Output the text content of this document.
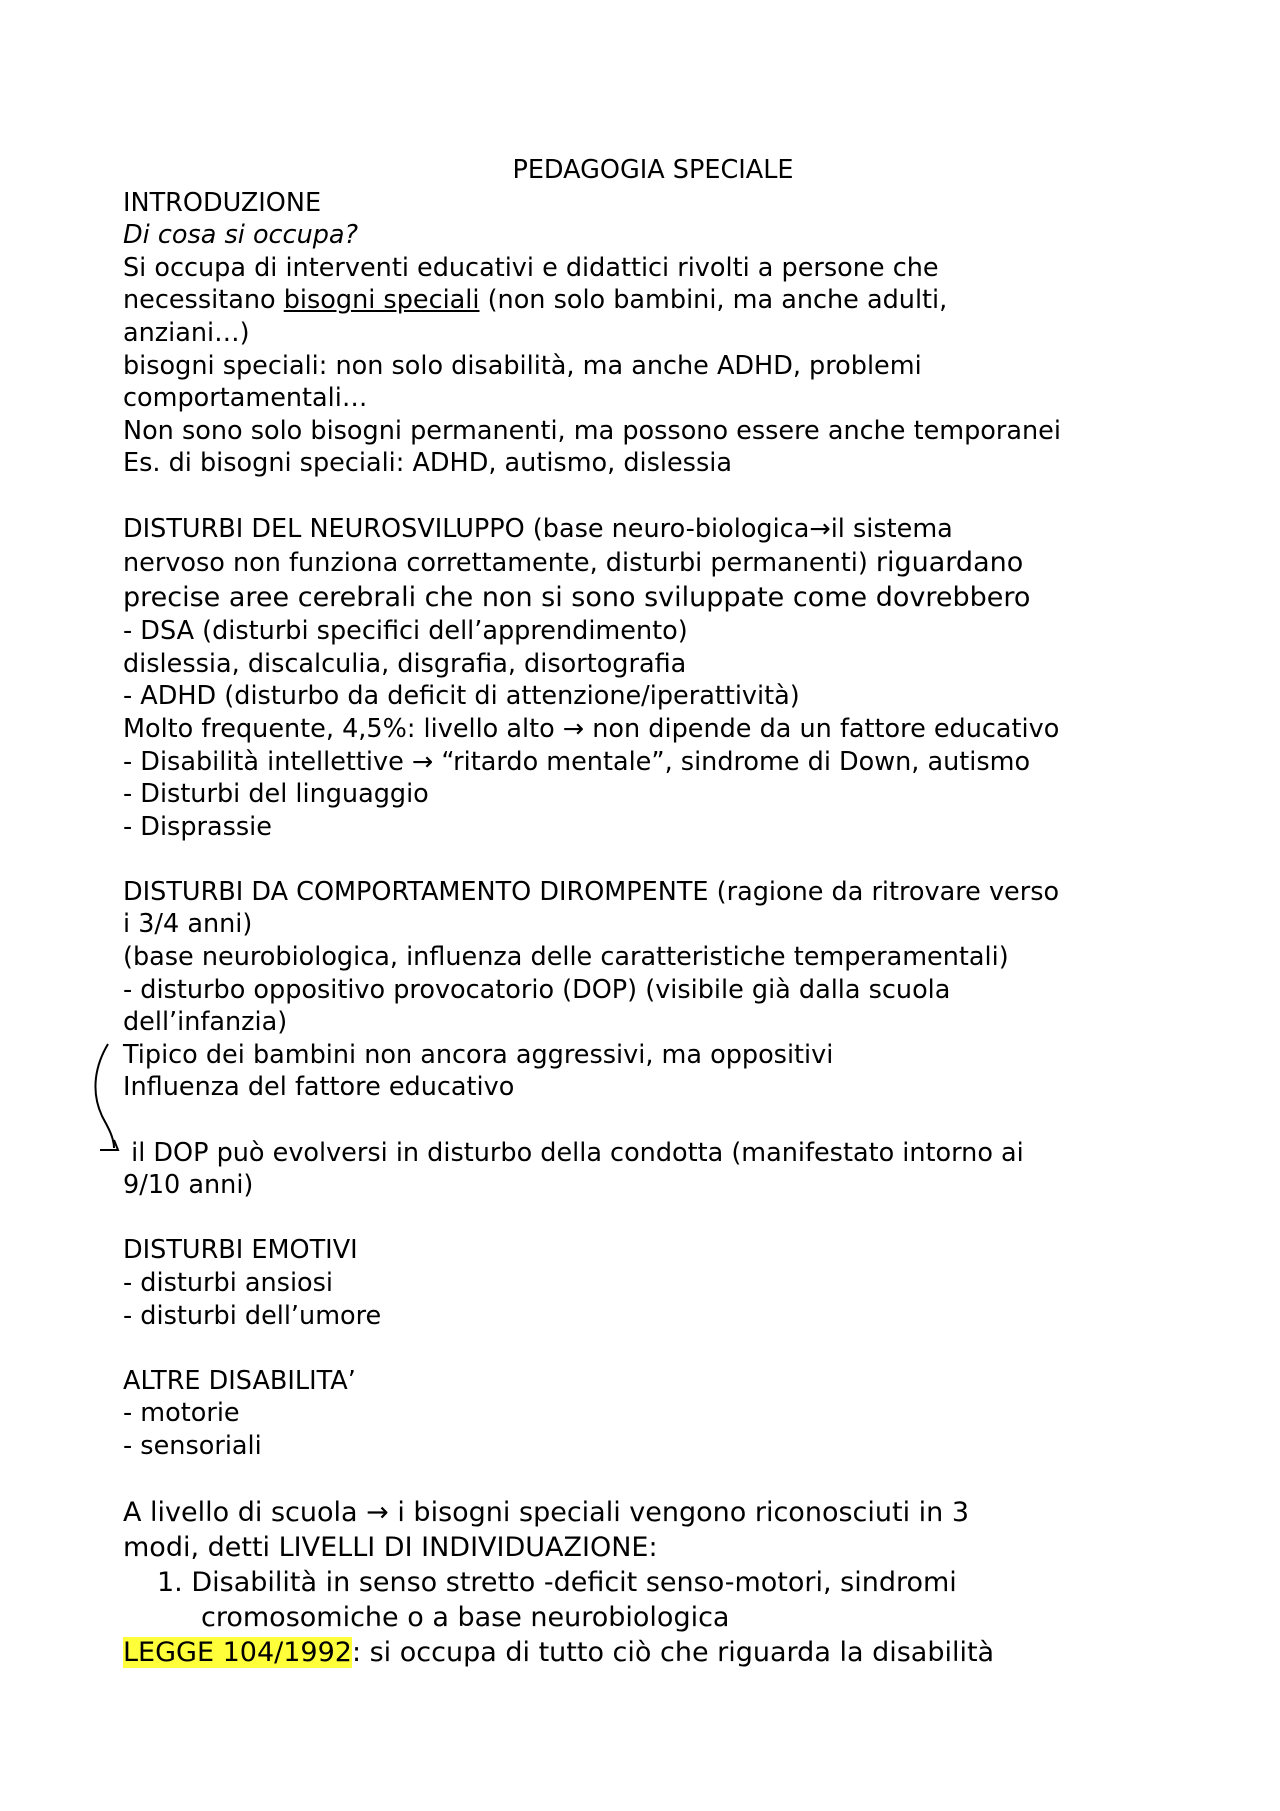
PEDAGOGIA SPECIALE
INTRODUZIONE
Di cosa si occupa?
Si occupa di interventi educativi e didattici rivolti a persone che
necessitano bisogni speciali (non solo bambini, ma anche adulti,
anziani…)
bisogni speciali: non solo disabilità, ma anche ADHD, problemi
comportamentali…
Non sono solo bisogni permanenti, ma possono essere anche temporanei
Es. di bisogni speciali: ADHD, autismo, dislessia
DISTURBI DEL NEUROSVILUPPO (base neuro-biologica→il sistema
nervoso non funziona correttamente, disturbi permanenti) riguardano
precise aree cerebrali che non si sono sviluppate come dovrebbero
- DSA (disturbi specifici dell’apprendimento)
dislessia, discalculia, disgrafia, disortografia
- ADHD (disturbo da deficit di attenzione/iperattività)
Molto frequente, 4,5%: livello alto → non dipende da un fattore educativo
- Disabilità intellettive → “ritardo mentale”, sindrome di Down, autismo
- Disturbi del linguaggio
- Disprassie
DISTURBI DA COMPORTAMENTO DIROMPENTE (ragione da ritrovare verso
i 3/4 anni)
(base neurobiologica, influenza delle caratteristiche temperamentali)
- disturbo oppositivo provocatorio (DOP) (visibile già dalla scuola
dell’infanzia)
Tipico dei bambini non ancora aggressivi, ma oppositivi
Influenza del fattore educativo
il DOP può evolversi in disturbo della condotta (manifestato intorno ai
9/10 anni)
DISTURBI EMOTIVI
- disturbi ansiosi
- disturbi dell’umore
ALTRE DISABILITA’
- motorie
- sensoriali
A livello di scuola → i bisogni speciali vengono riconosciuti in 3
modi, detti LIVELLI DI INDIVIDUAZIONE:
1. Disabilità in senso stretto -deficit senso-motori, sindromi
cromosomiche o a base neurobiologica
LEGGE 104/1992: si occupa di tutto ciò che riguarda la disabilità
